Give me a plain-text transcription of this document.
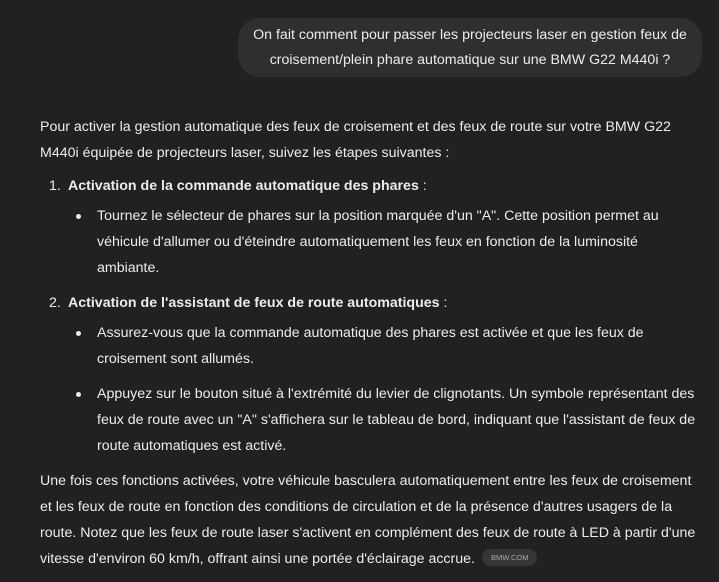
On fait comment pour passer les projecteurs laser en gestion feux de croisement/plein phare automatique sur une BMW G22 M440i ?

Pour activer la gestion automatique des feux de croisement et des feux de route sur votre BMW G22 M440i équipée de projecteurs laser, suivez les étapes suivantes :

1. Activation de la commande automatique des phares :
Tournez le sélecteur de phares sur la position marquée d'un "A". Cette position permet au véhicule d'allumer ou d'éteindre automatiquement les feux en fonction de la luminosité ambiante.
2. Activation de l'assistant de feux de route automatiques :
Assurez-vous que la commande automatique des phares est activée et que les feux de croisement sont allumés.
Appuyez sur le bouton situé à l'extrémité du levier de clignotants. Un symbole représentant des feux de route avec un "A" s'affichera sur le tableau de bord, indiquant que l'assistant de feux de route automatiques est activé.

Une fois ces fonctions activées, votre véhicule basculera automatiquement entre les feux de croisement et les feux de route en fonction des conditions de circulation et de la présence d'autres usagers de la route. Notez que les feux de route laser s'activent en complément des feux de route à LED à partir d'une vitesse d'environ 60 km/h, offrant ainsi une portée d'éclairage accrue. BMW.COM
